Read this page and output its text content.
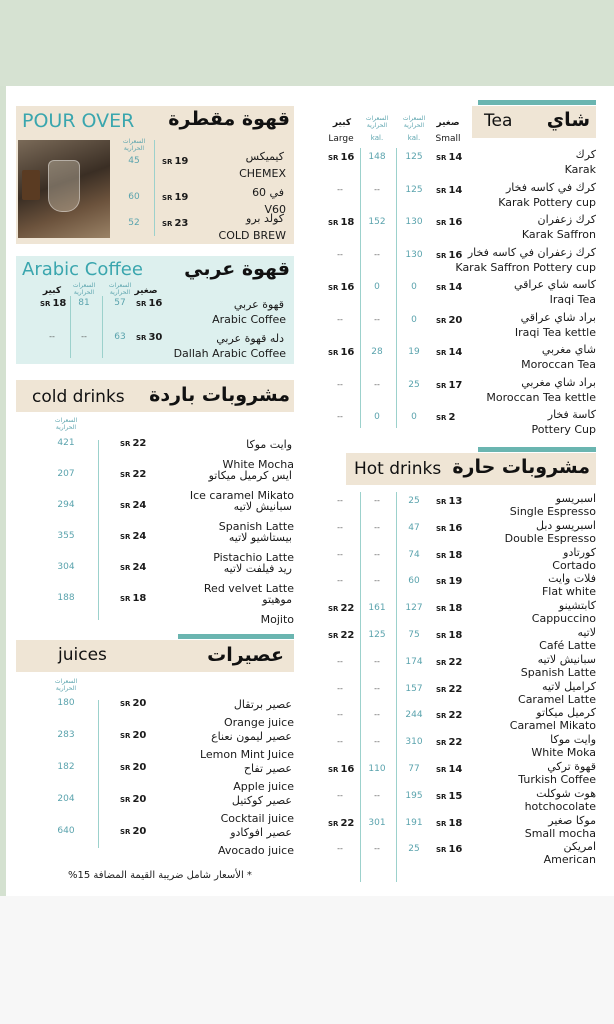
POUR OVER قهوة مقطرة
السعرات الحرارية
كيميكس
CHEMEX
SR 19
45
في 60
V60
SR 19
60
كولد برو
COLD BREW
SR 23
52
Arabic Coffee قهوة عربي
صغير
السعرات الحرارية
السعرات الحرارية
كبير
قهوة عربي
Arabic Coffee
SR 16
57
81
SR 18
دله قهوة عربي
Dallah Arabic Coffee
SR 30
63
--
--
cold drinks مشروبات باردة
السعرات الحرارية
وايت موكا
White Mocha
SR 22
421
ايس كرميل ميكاتو
Ice caramel Mikato
SR 22
207
سبانيش لاتيه
Spanish Latte
SR 24
294
بيستاشيو لاتيه
Pistachio Latte
SR 24
355
ريد فيلفت لاتيه
Red velvet Latte
SR 24
304
موهيتو
Mojito
SR 18
188
juices	عصيرات
السعرات الحرارية
عصير برتقال
Orange juice
SR 20
180
عصير ليمون نعناع
Lemon Mint Juice
SR 20
283
عصير تفاح
Apple juice
SR 20
182
عصير كوكتيل
Cocktail juice
SR 20
204
عصير افوكادو
Avocado juice
SR 20
640
* الأسعار شامل ضريبة القيمة المضافة 15%
Tea شاي
صغير
Small
السعرات الحرارية
kal.
السعرات الحرارية
kal.
كبير
Large
كرك
Karak
SR 14
125
148
SR 16
كرك في كاسه فخار
Karak Pottery cup
SR 14
125
--
--
كرك زعفران
Karak Saffron
SR 16
130
152
SR 18
كرك زعفران في كاسه فخار
Karak Saffron Pottery cup
SR 16
130
--
--
كاسه شاي عراقي
Iraqi Tea
SR 14
0
0
SR 16
براد شاي عراقي
Iraqi Tea kettle
SR 20
0
--
--
شاي مغربي
Moroccan Tea
SR 14
19
28
SR 16
براد شاي مغربي
Moroccan Tea kettle
SR 17
25
--
--
كاسة فخار
Pottery Cup
SR 2
0
0
--
Hot drinks مشروبات حارة
اسبريسو
Single Espresso
SR 13
25
--
--
اسبريسو دبل
Double Espresso
SR 16
47
--
--
كورتادو
Cortado
SR 18
74
--
--
فلات وايت
Flat white
SR 19
60
--
--
كابتشينو
Cappuccino
SR 18
127
161
SR 22
لاتيه
Café Latte
SR 18
75
125
SR 22
سبانيش لاتيه
Spanish Latte
SR 22
174
--
--
كراميل لاتيه
Caramel Latte
SR 22
157
--
--
كرميل ميكاتو
Caramel Mikato
SR 22
244
--
--
وايت موكا
White Moka
SR 22
310
--
--
قهوة تركي
Turkish Coffee
SR 14
77
110
SR 16
هوت شوكلت
hotchocolate
SR 15
195
--
--
موكا صغير
Small mocha
SR 18
191
301
SR 22
امريكن
American
SR 16
25
--
--
